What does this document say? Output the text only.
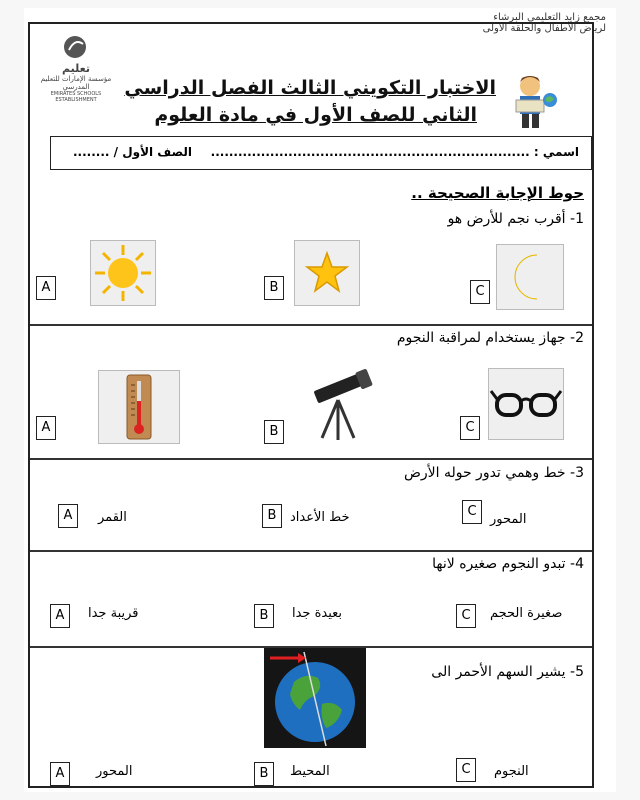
مجمع زايد التعليمي البرشاء
لرياض الأطفال والحلقة الاولى
تعليم
مؤسسة الإمارات للتعليم المدرسي
EMIRATES SCHOOLS ESTABLISHMENT
الاختبار التكويني الثالث الفصل الدراسي
الثاني للصف الأول في مادة العلوم
اسمي : ......................................................................
الصف الأول / ........
حوط الإجابة الصحيحة ..
1- أقرب نجم للأرض هو
A	B	C
2- جهاز يستخدام لمراقبة النجوم
A	B	C
3- خط وهمي تدور حوله الأرض
A	القمر	B	خط الأعداد	C
المحور
4- تبدو النجوم صغيره لانها
A	قريبة جدا	B	بعيدة جدا	C	صغيرة الحجم
5- يشير السهم الأحمر الى
A	المحور	B	المحيط	C	النجوم
